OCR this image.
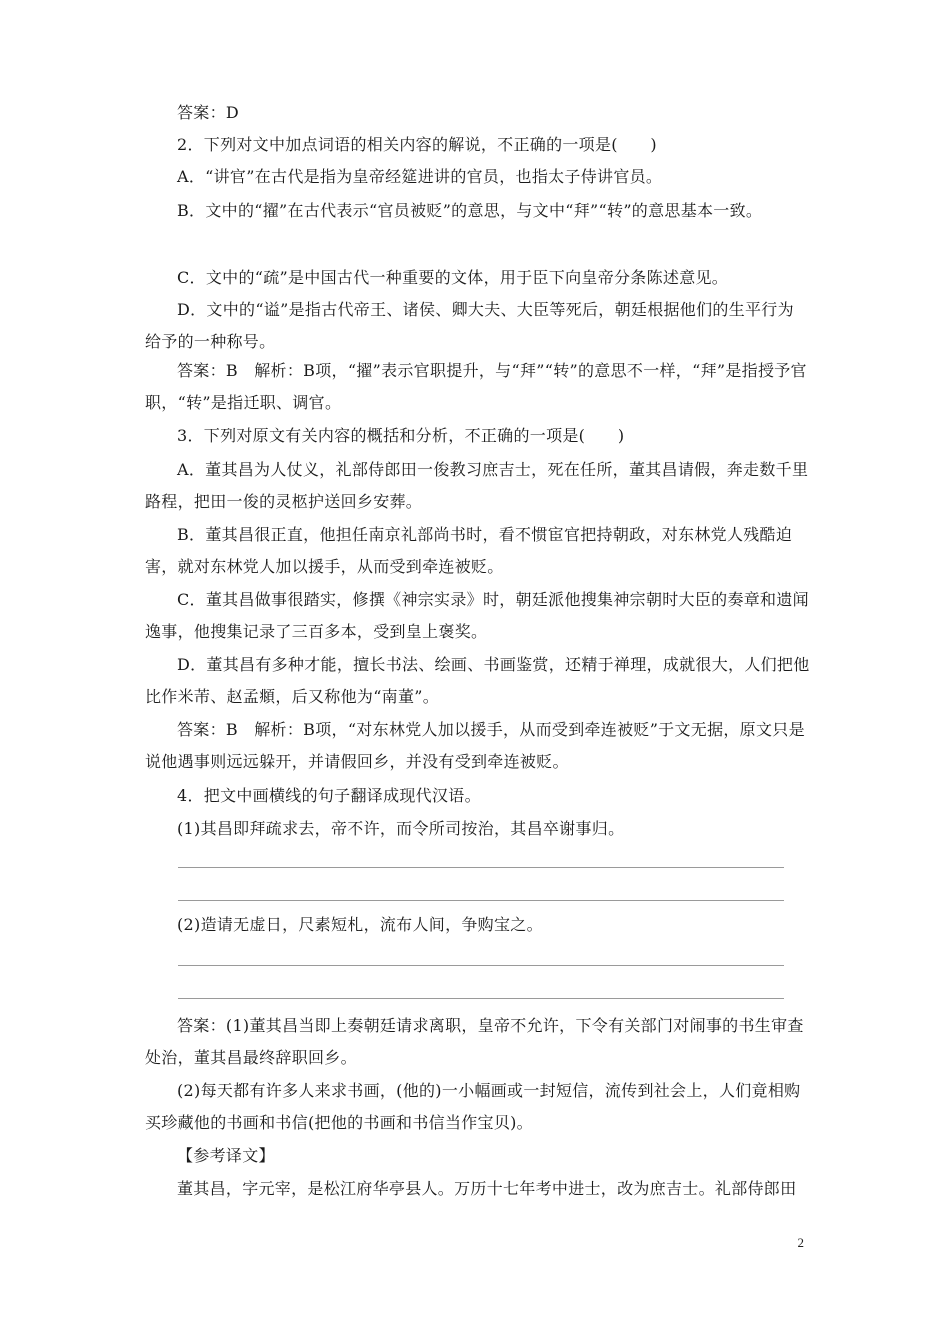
答案：D

2．下列对文中加点词语的相关内容的解说，不正确的一项是(　　)

A．“讲官”在古代是指为皇帝经筵进讲的官员，也指太子侍讲官员。

B．文中的“擢”在古代表示“官员被贬”的意思，与文中“拜”“转”的意思基本一致。

C．文中的“疏”是中国古代一种重要的文体，用于臣下向皇帝分条陈述意见。

D．文中的“谥”是指古代帝王、诸侯、卿大夫、大臣等死后，朝廷根据他们的生平行为给予的一种称号。

答案：B　解析：B项，“擢”表示官职提升，与“拜”“转”的意思不一样，“拜”是指授予官职，“转”是指迁职、调官。

3．下列对原文有关内容的概括和分析，不正确的一项是(　　)

A．董其昌为人仗义，礼部侍郎田一俊教习庶吉士，死在任所，董其昌请假，奔走数千里路程，把田一俊的灵柩护送回乡安葬。

B．董其昌很正直，他担任南京礼部尚书时，看不惯宦官把持朝政，对东林党人残酷迫害，就对东林党人加以援手，从而受到牵连被贬。

C．董其昌做事很踏实，修撰《神宗实录》时，朝廷派他搜集神宗朝时大臣的奏章和遗闻逸事，他搜集记录了三百多本，受到皇上褒奖。

D．董其昌有多种才能，擅长书法、绘画、书画鉴赏，还精于禅理，成就很大，人们把他比作米芾、赵孟頫，后又称他为“南董”。

答案：B　解析：B项，“对东林党人加以援手，从而受到牵连被贬”于文无据，原文只是说他遇事则远远躲开，并请假回乡，并没有受到牵连被贬。

4．把文中画横线的句子翻译成现代汉语。

(1)其昌即拜疏求去，帝不许，而令所司按治，其昌卒谢事归。

(2)造请无虚日，尺素短札，流布人间，争购宝之。

答案：(1)董其昌当即上奏朝廷请求离职，皇帝不允许，下令有关部门对闹事的书生审查处治，董其昌最终辞职回乡。

(2)每天都有许多人来求书画，(他的)一小幅画或一封短信，流传到社会上，人们竟相购买珍藏他的书画和书信(把他的书画和书信当作宝贝)。

【参考译文】

董其昌，字元宰，是松江府华亭县人。万历十七年考中进士，改为庶吉士。礼部侍郎田

2
